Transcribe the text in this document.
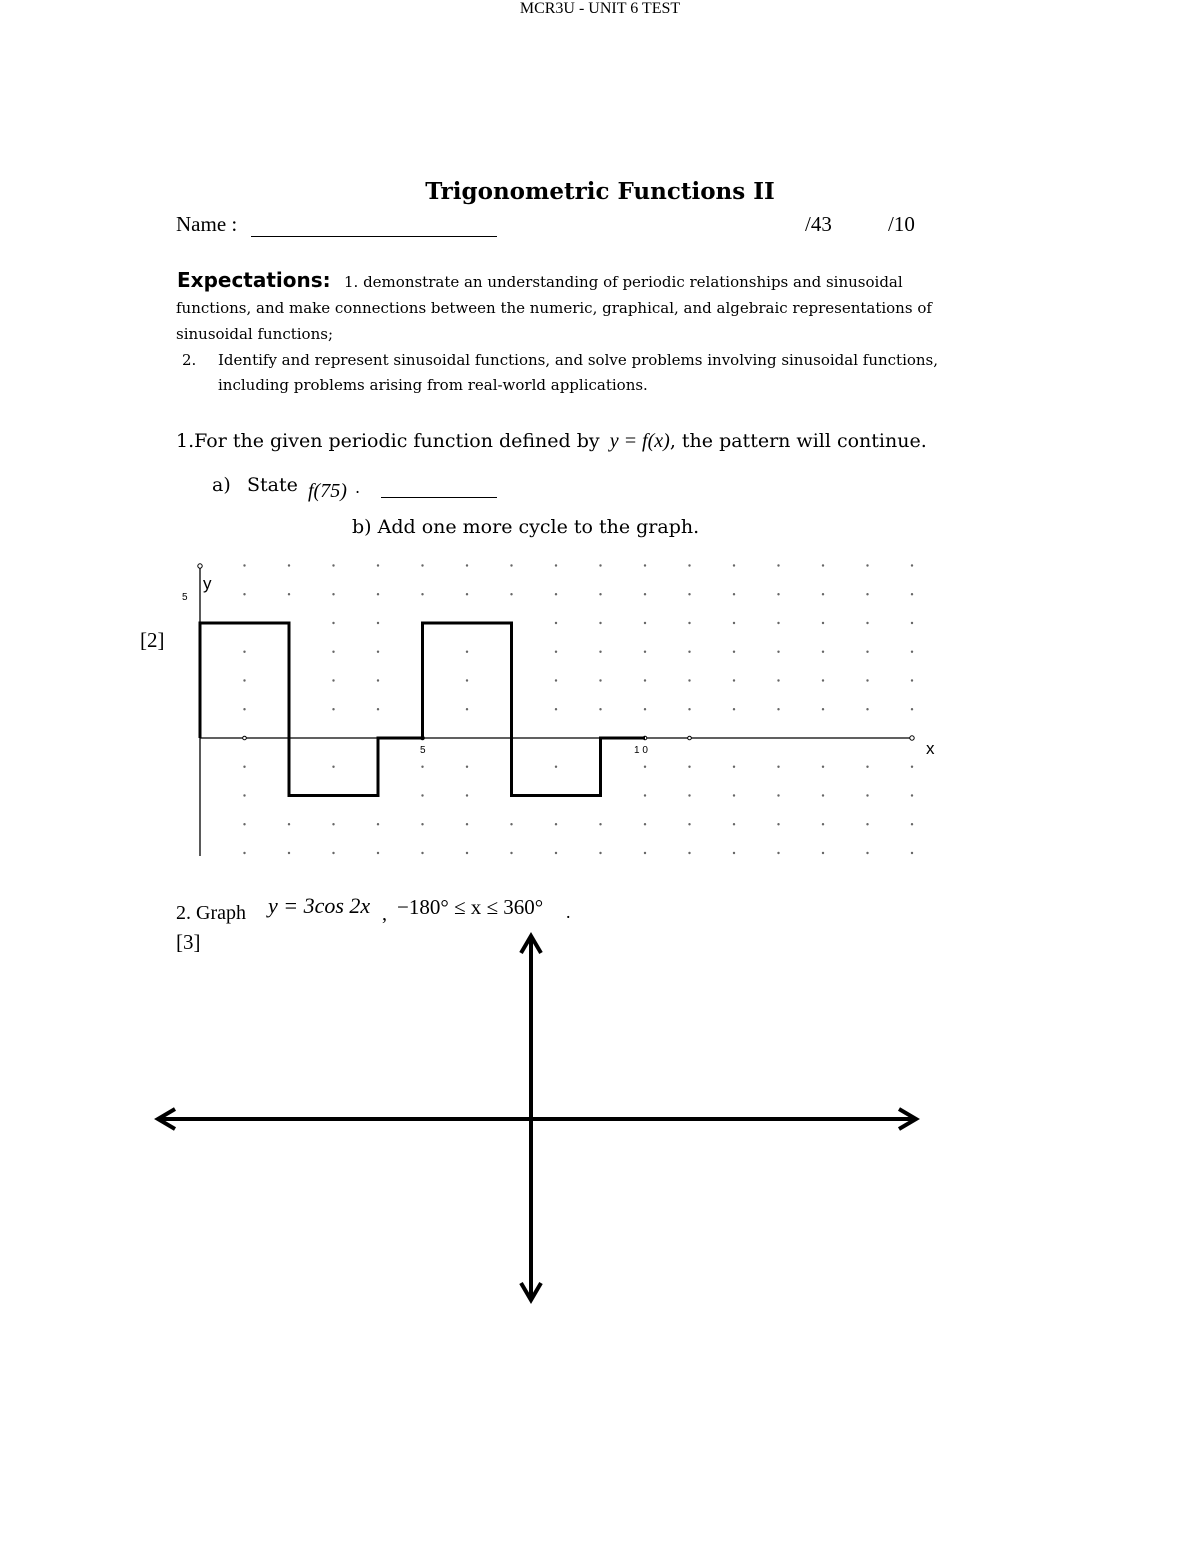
MCR3U - UNIT 6 TEST
Trigonometric Functions II
Name :	/43	/10
Expectations: 1. demonstrate an understanding of periodic relationships and sinusoidal
functions, and make connections between the numeric, graphical, and algebraic representations of
sinusoidal functions;
2. Identify and represent sinusoidal functions, and solve problems involving sinusoidal functions,
including problems arising from real-world applications.
1.For the given periodic function defined by y = f(x), the pattern will continue.
a) State f(75) .
b) Add one more cycle to the graph.
[2]
y
5
x
5	1 0
2. Graph y = 3cos 2x , −180° ≤ x ≤ 360° .
[3]
